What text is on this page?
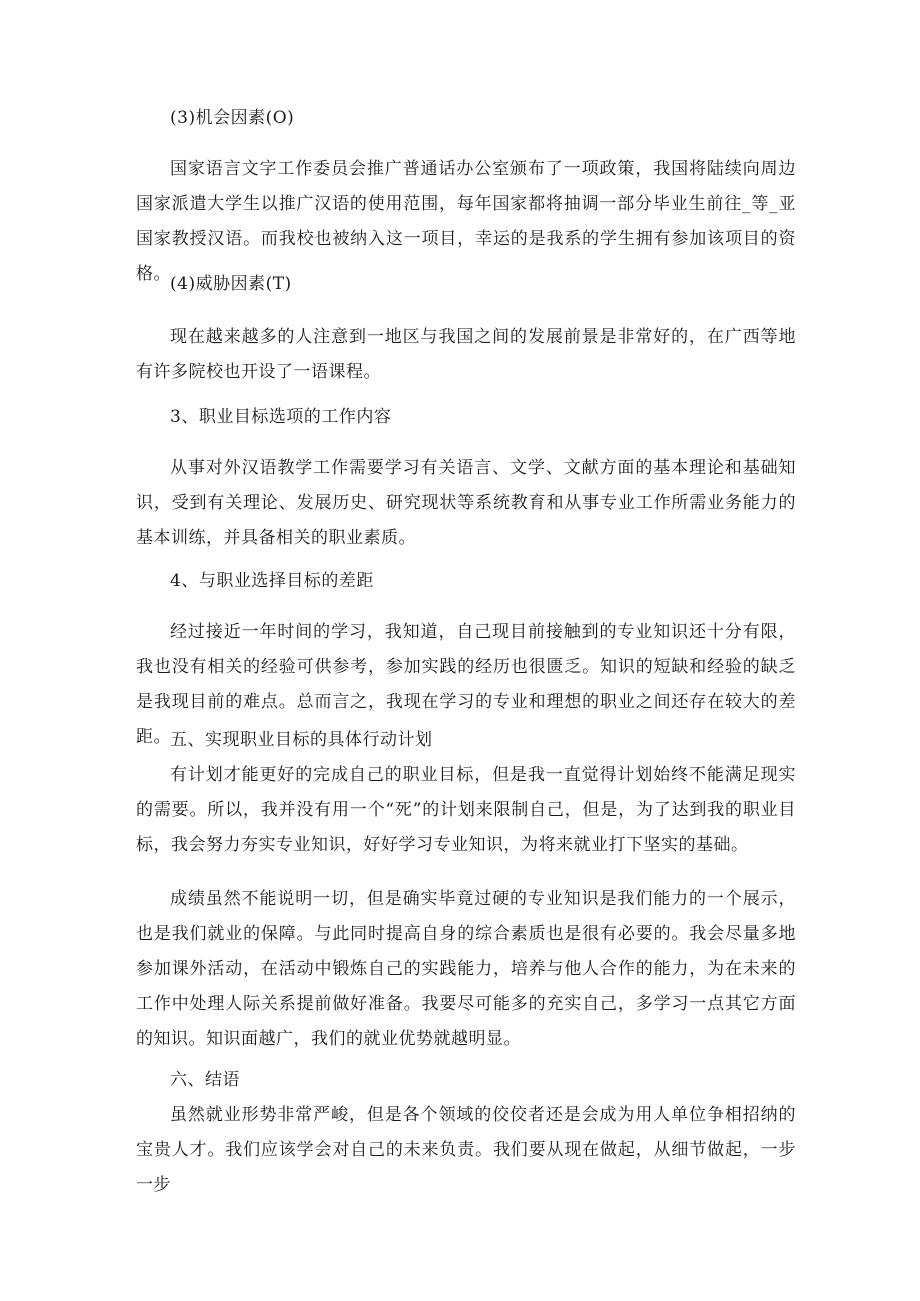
(3)机会因素(O)

国家语言文字工作委员会推广普通话办公室颁布了一项政策，我国将陆续向周边国家派遣大学生以推广汉语的使用范围，每年国家都将抽调一部分毕业生前往_等_亚国家教授汉语。而我校也被纳入这一项目，幸运的是我系的学生拥有参加该项目的资格。 (4)威胁因素(T)

现在越来越多的人注意到一地区与我国之间的发展前景是非常好的，在广西等地有许多院校也开设了一语课程。

3、职业目标选项的工作内容

从事对外汉语教学工作需要学习有关语言、文学、文献方面的基本理论和基础知识，受到有关理论、发展历史、研究现状等系统教育和从事专业工作所需业务能力的基本训练，并具备相关的职业素质。

4、与职业选择目标的差距

经过接近一年时间的学习，我知道，自己现目前接触到的专业知识还十分有限，我也没有相关的经验可供参考，参加实践的经历也很匮乏。知识的短缺和经验的缺乏是我现目前的难点。总而言之，我现在学习的专业和理想的职业之间还存在较大的差距。 五、实现职业目标的具体行动计划

有计划才能更好的完成自己的职业目标，但是我一直觉得计划始终不能满足现实的需要。所以，我并没有用一个“死”的计划来限制自己，但是，为了达到我的职业目标，我会努力夯实专业知识，好好学习专业知识，为将来就业打下坚实的基础。

成绩虽然不能说明一切，但是确实毕竟过硬的专业知识是我们能力的一个展示，也是我们就业的保障。与此同时提高自身的综合素质也是很有必要的。我会尽量多地参加课外活动，在活动中锻炼自己的实践能力，培养与他人合作的能力，为在未来的工作中处理人际关系提前做好准备。我要尽可能多的充实自己，多学习一点其它方面的知识。知识面越广，我们的就业优势就越明显。

六、结语

虽然就业形势非常严峻，但是各个领域的佼佼者还是会成为用人单位争相招纳的宝贵人才。我们应该学会对自己的未来负责。我们要从现在做起，从细节做起，一步一步
